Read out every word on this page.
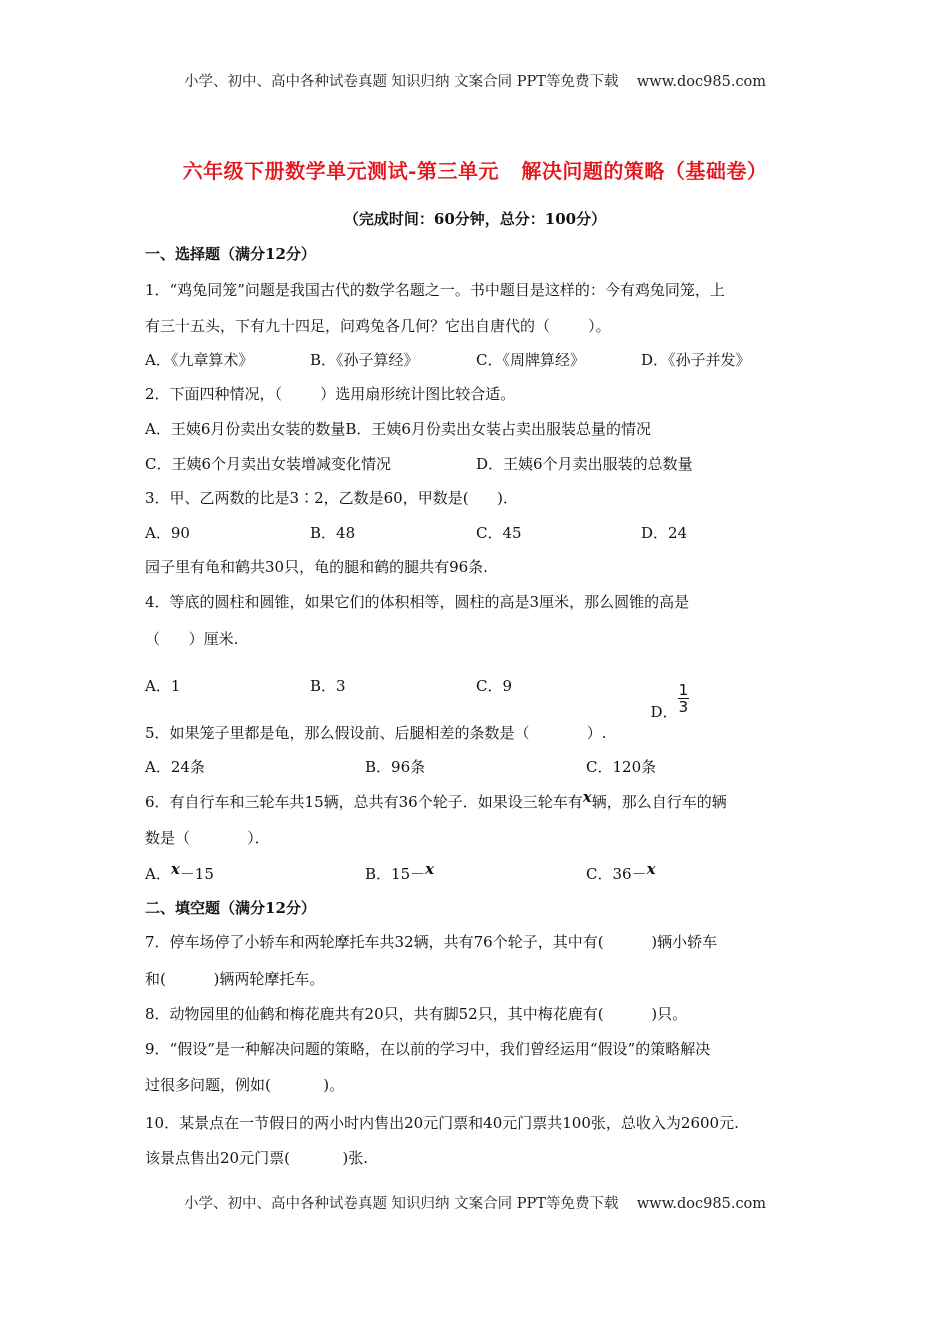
小学、初中、高中各种试卷真题 知识归纳 文案合同 PPT等免费下载    www.doc985.com
六年级下册数学单元测试-第三单元   解决问题的策略（基础卷）
（完成时间：60分钟，总分：100分）
一、选择题（满分12分）
1．“鸡兔同笼”问题是我国古代的数学名题之一。书中题目是这样的：今有鸡兔同笼，上
有三十五头，下有九十四足，问鸡兔各几何？它出自唐代的（        ）。
A．《九章算术》	B．《孙子算经》	C．《周牌算经》	D．《孙子并发》
2．下面四种情况，（        ）选用扇形统计图比较合适。
A．王姨6月份卖出女装的数量B．王姨6月份卖出女装占卖出服装总量的情况
C．王姨6个月卖出女装增减变化情况	D．王姨6个月卖出服装的总数量
3．甲、乙两数的比是3∶2，乙数是60，甲数是(      )．
A．90	B．48	C．45	D．24
园子里有龟和鹤共30只，龟的腿和鹤的腿共有96条.
4．等底的圆柱和圆锥，如果它们的体积相等，圆柱的高是3厘米，那么圆锥的高是
（      ）厘米.
A．1	B．3	C．9

D． $\frac{1}{3}$

5．如果笼子里都是龟，那么假设前、后腿相差的条数是（            ）.
A．24条	B．96条	C．120条
6．有自行车和三轮车共15辆，总共有36个轮子．如果设三轮车有x辆，那么自行车的辆
数是（            ）．
A．x－15	B．15－x	C．36－x
二、填空题（满分12分）
7．停车场停了小轿车和两轮摩托车共32辆，共有76个轮子，其中有(          )辆小轿车
和(          )辆两轮摩托车。
8．动物园里的仙鹤和梅花鹿共有20只，共有脚52只，其中梅花鹿有(          )只。
9．“假设”是一种解决问题的策略，在以前的学习中，我们曾经运用“假设”的策略解决
过很多问题，例如(           )。
10．某景点在一节假日的两小时内售出20元门票和40元门票共100张，总收入为2600元.
该景点售出20元门票(           )张.
小学、初中、高中各种试卷真题 知识归纳 文案合同 PPT等免费下载    www.doc985.com
